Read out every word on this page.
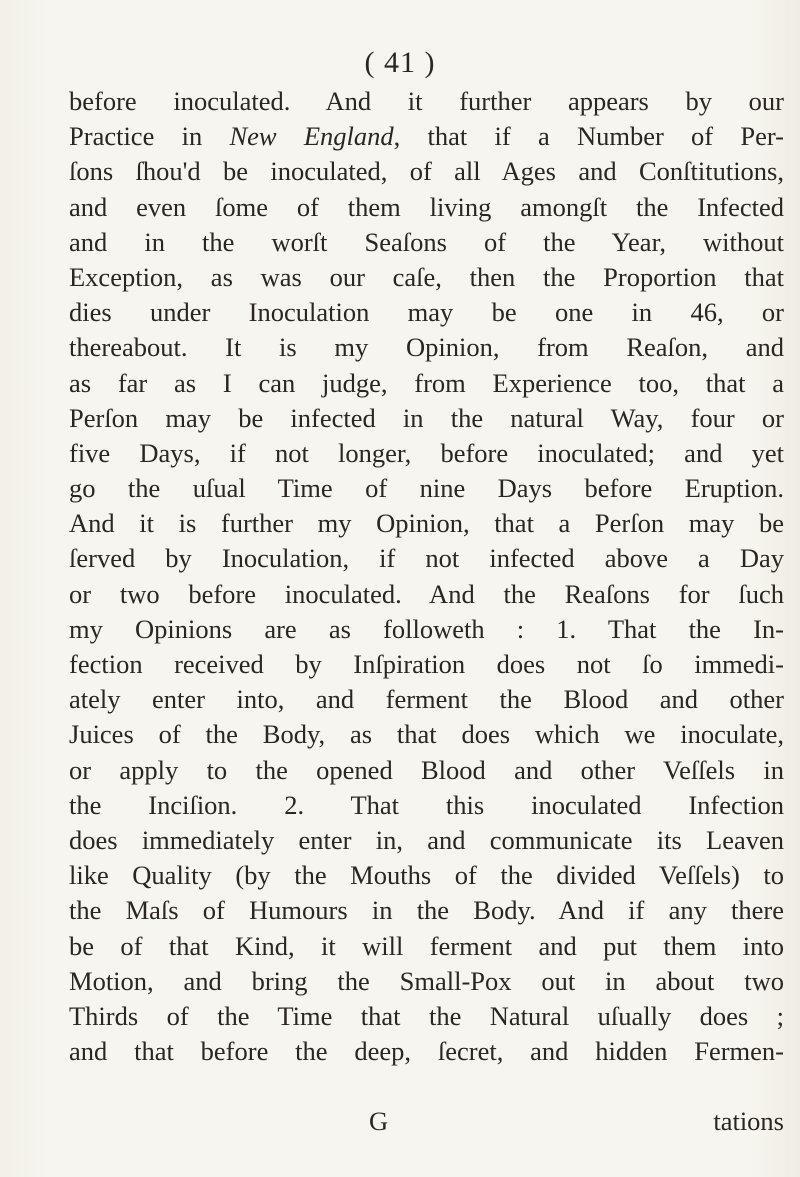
( 41 )
before inoculated. And it further appears by our
Practice in New England, that if a Number of Per-
ſons ſhou'd be inoculated, of all Ages and Conſtitutions,
and even ſome of them living amongſt the Infected
and in the worſt Seaſons of the Year, without
Exception, as was our caſe, then the Proportion that
dies under Inoculation may be one in 46, or
thereabout. It is my Opinion, from Reaſon, and
as far as I can judge, from Experience too, that a
Perſon may be infected in the natural Way, four or
five Days, if not longer, before inoculated; and yet
go the uſual Time of nine Days before Eruption.
And it is further my Opinion, that a Perſon may be
ſerved by Inoculation, if not infected above a Day
or two before inoculated. And the Reaſons for ſuch
my Opinions are as followeth : 1. That the In-
fection received by Inſpiration does not ſo immedi-
ately enter into, and ferment the Blood and other
Juices of the Body, as that does which we inoculate,
or apply to the opened Blood and other Veſſels in
the Inciſion. 2. That this inoculated Infection
does immediately enter in, and communicate its Leaven
like Quality (by the Mouths of the divided Veſſels) to
the Maſs of Humours in the Body. And if any there
be of that Kind, it will ferment and put them into
Motion, and bring the Small-Pox out in about two
Thirds of the Time that the Natural uſually does ;
and that before the deep, ſecret, and hidden Fermen-
G	tations
